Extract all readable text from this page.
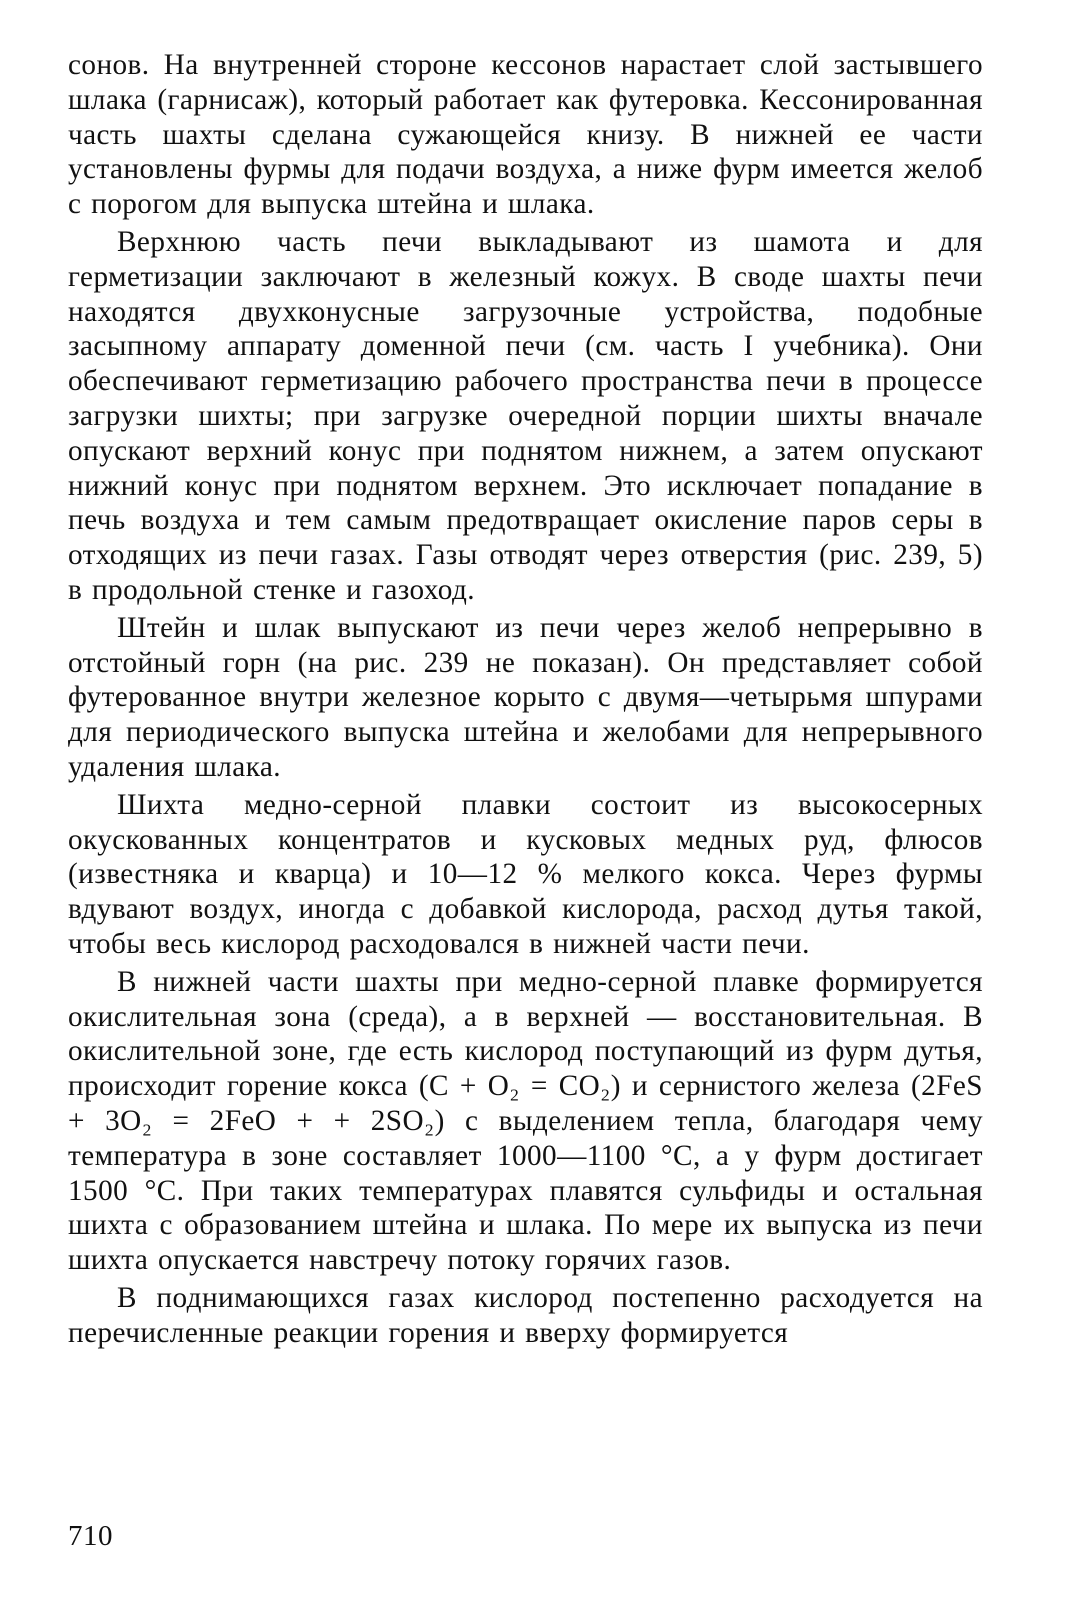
сонов. На внутренней стороне кессонов нарастает слой застывшего шлака (гарнисаж), который работает как футеровка. Кессонированная часть шахты сделана сужающейся книзу. В нижней ее части установлены фурмы для подачи воздуха, а ниже фурм имеется желоб с порогом для выпуска штейна и шлака.

Верхнюю часть печи выкладывают из шамота и для герметизации заключают в железный кожух. В своде шахты печи находятся двухконусные загрузочные устройства, подобные засыпному аппарату доменной печи (см. часть I учебника). Они обеспечивают герметизацию рабочего пространства печи в процессе загрузки шихты; при загрузке очередной порции шихты вначале опускают верхний конус при поднятом нижнем, а затем опускают нижний конус при поднятом верхнем. Это исключает попадание в печь воздуха и тем самым предотвращает окисление паров серы в отходящих из печи газах. Газы отводят через отверстия (рис. 239, 5) в продольной стенке и газоход.

Штейн и шлак выпускают из печи через желоб непрерывно в отстойный горн (на рис. 239 не показан). Он представляет собой футерованное внутри железное корыто с двумя—четырьмя шпурами для периодического выпуска штейна и желобами для непрерывного удаления шлака.

Шихта медно-серной плавки состоит из высокосерных окускованных концентратов и кусковых медных руд, флюсов (известняка и кварца) и 10—12 % мелкого кокса. Через фурмы вдувают воздух, иногда с добавкой кислорода, расход дутья такой, чтобы весь кислород расходовался в нижней части печи.

В нижней части шахты при медно-серной плавке формируется окислительная зона (среда), а в верхней — восстановительная. В окислительной зоне, где есть кислород поступающий из фурм дутья, происходит горение кокса (C + O₂ = CO₂) и сернистого железа (2FeS + 3O₂ = 2FeO + + 2SO₂) с выделением тепла, благодаря чему температура в зоне составляет 1000—1100 °С, а у фурм достигает 1500 °С. При таких температурах плавятся сульфиды и остальная шихта с образованием штейна и шлака. По мере их выпуска из печи шихта опускается навстречу потоку горячих газов.

В поднимающихся газах кислород постепенно расходуется на перечисленные реакции горения и вверху формируется

710
